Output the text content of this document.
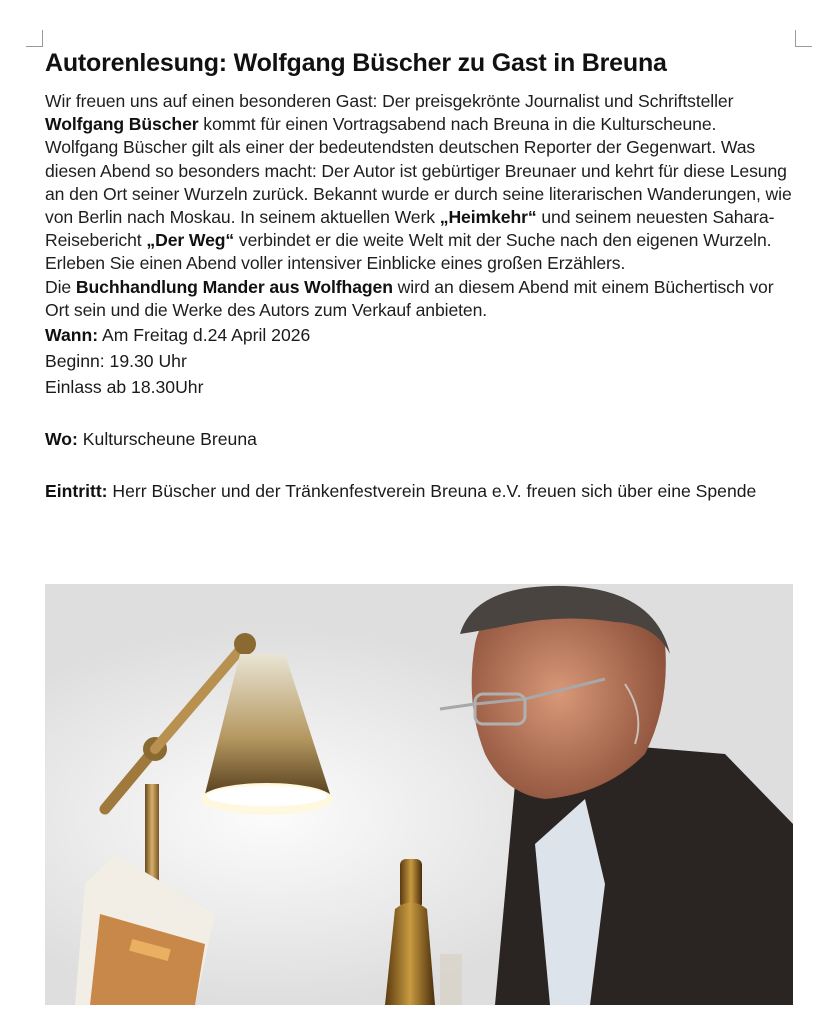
Autorenlesung: Wolfgang Büscher zu Gast in Breuna

Wir freuen uns auf einen besonderen Gast: Der preisgekrönte Journalist und Schriftsteller Wolfgang Büscher kommt für einen Vortragsabend nach Breuna in die Kulturscheune.

Wolfgang Büscher gilt als einer der bedeutendsten deutschen Reporter der Gegenwart. Was diesen Abend so besonders macht: Der Autor ist gebürtiger Breunaer und kehrt für diese Lesung an den Ort seiner Wurzeln zurück. Bekannt wurde er durch seine literarischen Wanderungen, wie von Berlin nach Moskau. In seinem aktuellen Werk „Heimkehr“ und seinem neuesten Sahara-Reisebericht „Der Weg“ verbindet er die weite Welt mit der Suche nach den eigenen Wurzeln.

Erleben Sie einen Abend voller intensiver Einblicke eines großen Erzählers.

Die Buchhandlung Mander aus Wolfhagen wird an diesem Abend mit einem Büchertisch vor Ort sein und die Werke des Autors zum Verkauf anbieten.

Wann: Am Freitag d.24 April 2026

Beginn: 19.30 Uhr

Einlass ab 18.30Uhr

Wo: Kulturscheune Breuna

Eintritt: Herr Büscher und der Tränkenfestverein Breuna e.V. freuen sich über eine Spende
